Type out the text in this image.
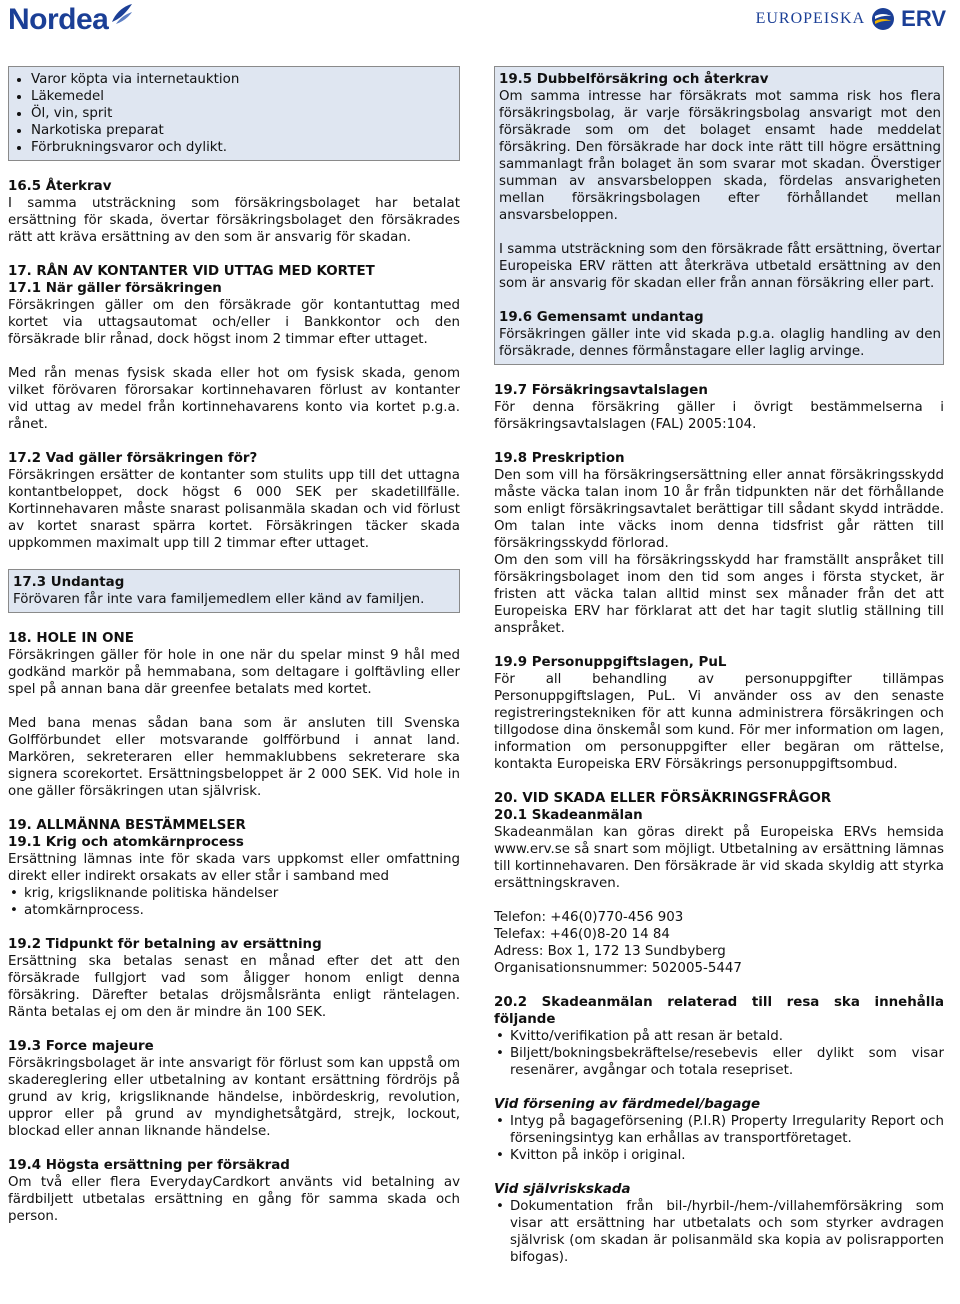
Nordea	EUROPEISKA ERV
• Varor köpta via internetauktion
• Läkemedel
• Öl, vin, sprit
• Narkotiska preparat
• Förbrukningsvaror och dylikt.
16.5 Återkrav

I samma utsträckning som försäkringsbolaget har betalat ersättning för skada, övertar försäkringsbolaget den försäkrades rätt att kräva ersättning av den som är ansvarig för skadan.

17. RÅN AV KONTANTER VID UTTAG MED KORTET
17.1 När gäller försäkringen

Försäkringen gäller om den försäkrade gör kontantuttag med kortet via uttagsautomat och/eller i Bankkontor och den försäkrade blir rånad, dock högst inom 2 timmar efter uttaget.

Med rån menas fysisk skada eller hot om fysisk skada, genom vilket förövaren förorsakar kortinnehavaren förlust av kontanter vid uttag av medel från kortinnehavarens konto via kortet p.g.a. rånet.

17.2 Vad gäller försäkringen för?

Försäkringen ersätter de kontanter som stulits upp till det uttagna kontantbeloppet, dock högst 6 000 SEK per skadetillfälle. Kortinnehavaren måste snarast polisanmäla skadan och vid förlust av kortet snarast spärra kortet. Försäkringen täcker skada uppkommen maximalt upp till 2 timmar efter uttaget.

17.3 Undantag

Förövaren får inte vara familjemedlem eller känd av familjen.

18. HOLE IN ONE

Försäkringen gäller för hole in one när du spelar minst 9 hål med godkänd markör på hemmabana, som deltagare i golftävling eller spel på annan bana där greenfee betalats med kortet.

Med bana menas sådan bana som är ansluten till Svenska Golfförbundet eller motsvarande golfförbund i annat land. Markören, sekreteraren eller hemmaklubbens sekreterare ska signera scorekortet. Ersättningsbeloppet är 2 000 SEK. Vid hole in one gäller försäkringen utan självrisk.

19. ALLMÄNNA BESTÄMMELSER
19.1 Krig och atomkärnprocess

Ersättning lämnas inte för skada vars uppkomst eller omfattning direkt eller indirekt orsakats av eller står i samband med

• krig, krigsliknande politiska händelser
• atomkärnprocess.
19.2 Tidpunkt för betalning av ersättning

Ersättning ska betalas senast en månad efter det att den försäkrade fullgjort vad som åligger honom enligt denna försäkring. Därefter betalas dröjsmålsränta enligt räntelagen. Ränta betalas ej om den är mindre än 100 SEK.

19.3 Force majeure

Försäkringsbolaget är inte ansvarigt för förlust som kan uppstå om skadereglering eller utbetalning av kontant ersättning fördröjs på grund av krig, krigsliknande händelse, inbördeskrig, revolution, uppror eller på grund av myndighetsåtgärd, strejk, lockout, blockad eller annan liknande händelse.

19.4 Högsta ersättning per försäkrad

Om två eller flera EverydayCardkort använts vid betalning av färdbiljett utbetalas ersättning en gång för samma skada och person.

19.5 Dubbelförsäkring och återkrav

Om samma intresse har försäkrats mot samma risk hos flera försäkringsbolag, är varje försäkringsbolag ansvarigt mot den försäkrade som om det bolaget ensamt hade meddelat försäkring. Den försäkrade har dock inte rätt till högre ersättning sammanlagt från bolaget än som svarar mot skadan. Överstiger summan av ansvarsbeloppen skada, fördelas ansvarigheten mellan försäkringsbolagen efter förhållandet mellan ansvarsbeloppen.

I samma utsträckning som den försäkrade fått ersättning, övertar Europeiska ERV rätten att återkräva utbetald ersättning av den som är ansvarig för skadan eller från annan försäkring eller part.

19.6 Gemensamt undantag

Försäkringen gäller inte vid skada p.g.a. olaglig handling av den försäkrade, dennes förmånstagare eller laglig arvinge.

19.7 Försäkringsavtalslagen

För denna försäkring gäller i övrigt bestämmelserna i försäkringsavtalslagen (FAL) 2005:104.

19.8 Preskription

Den som vill ha försäkringsersättning eller annat försäkringsskydd måste väcka talan inom 10 år från tidpunkten när det förhållande som enligt försäkringsavtalet berättigar till sådant skydd inträdde. Om talan inte väcks inom denna tidsfrist går rätten till försäkringsskydd förlorad.

Om den som vill ha försäkringsskydd har framställt anspråket till försäkringsbolaget inom den tid som anges i första stycket, är fristen att väcka talan alltid minst sex månader från det att Europeiska ERV har förklarat att det har tagit slutlig ställning till anspråket.

19.9 Personuppgiftslagen, PuL

För all behandling av personuppgifter tillämpas Personuppgiftslagen, PuL. Vi använder oss av den senaste registreringstekniken för att kunna administrera försäkringen och tillgodose dina önskemål som kund. För mer information om lagen, information om personuppgifter eller begäran om rättelse, kontakta Europeiska ERV Försäkrings personuppgiftsombud.

20. VID SKADA ELLER FÖRSÄKRINGSFRÅGOR
20.1 Skadeanmälan

Skadeanmälan kan göras direkt på Europeiska ERVs hemsida www.erv.se så snart som möjligt. Utbetalning av ersättning lämnas till kortinnehavaren. Den försäkrade är vid skada skyldig att styrka ersättningskraven.

Telefon: +46(0)770-456 903
Telefax: +46(0)8-20 14 84
Adress: Box 1, 172 13 Sundbyberg
Organisationsnummer: 502005-5447
20.2 Skadeanmälan relaterad till resa ska innehålla följande
• Kvitto/verifikation på att resan är betald.
• Biljett/bokningsbekräftelse/resebevis eller dylikt som visar resenärer, avgångar och totala resepriset.
Vid försening av färdmedel/bagage
• Intyg på bagageförsening (P.I.R) Property Irregularity Report och förseningsintyg kan erhållas av transportföretaget.
• Kvitton på inköp i original.
Vid självriskskada
• Dokumentation från bil-/hyrbil-/hem-/villahemförsäkring som visar att ersättning har utbetalats och som styrker avdragen självrisk (om skadan är polisanmäld ska kopia av polisrapporten bifogas).
